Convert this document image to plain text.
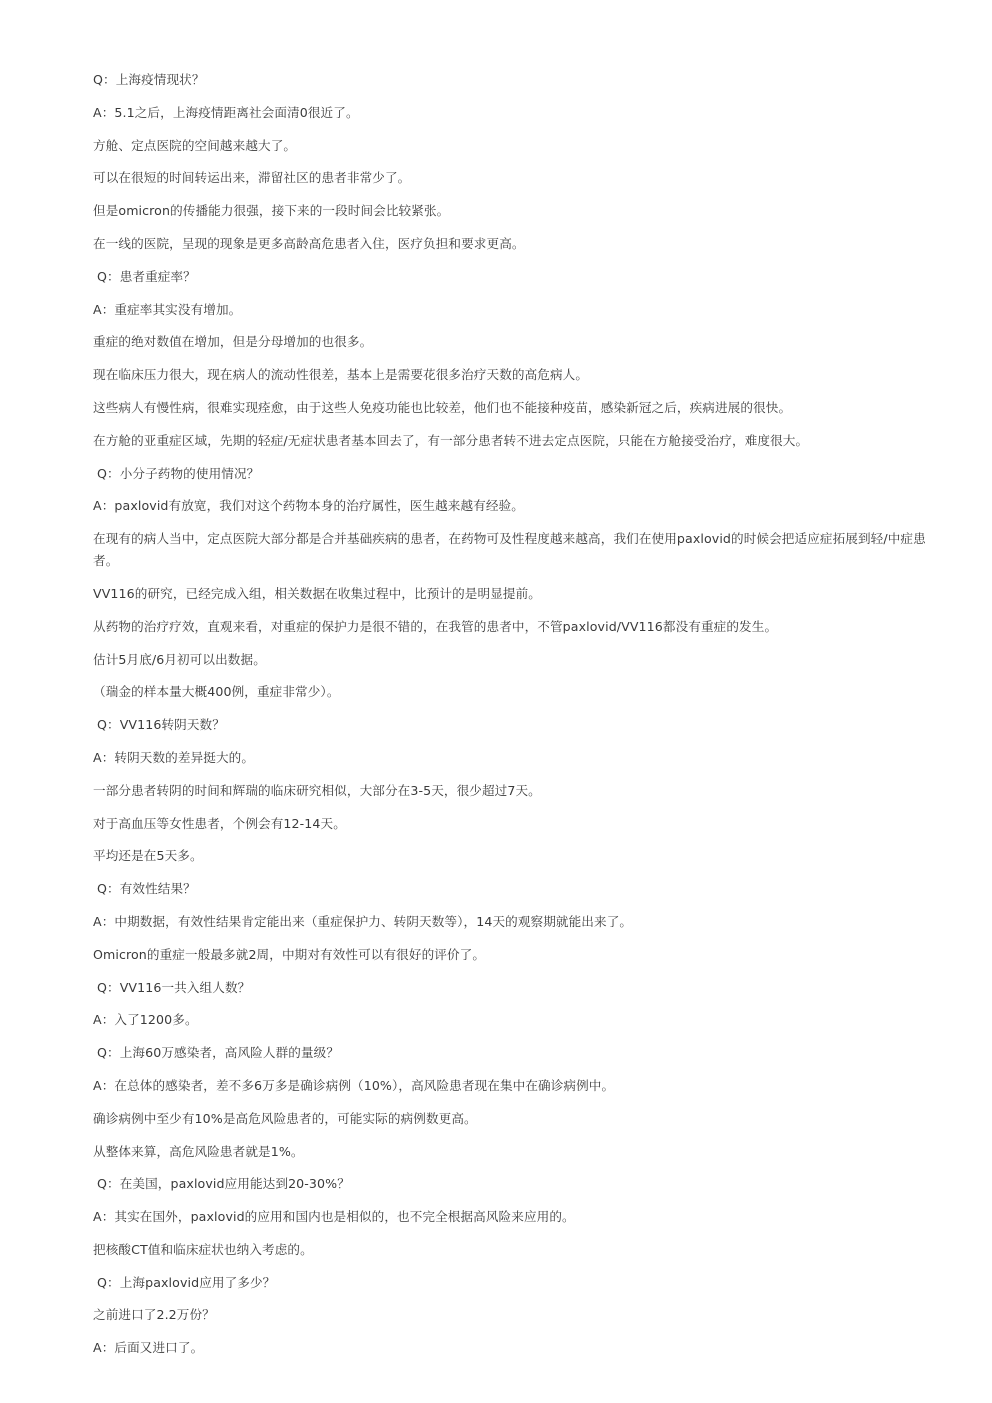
Q：上海疫情现状？
A：5.1之后，上海疫情距离社会面清0很近了。
方舱、定点医院的空间越来越大了。
可以在很短的时间转运出来，滞留社区的患者非常少了。
但是omicron的传播能力很强，接下来的一段时间会比较紧张。
在一线的医院，呈现的现象是更多高龄高危患者入住，医疗负担和要求更高。
Q：患者重症率？
A：重症率其实没有增加。
重症的绝对数值在增加，但是分母增加的也很多。
现在临床压力很大，现在病人的流动性很差，基本上是需要花很多治疗天数的高危病人。
这些病人有慢性病，很难实现痊愈，由于这些人免疫功能也比较差，他们也不能接种疫苗，感染新冠之后，疾病进展的很快。
在方舱的亚重症区域，先期的轻症/无症状患者基本回去了，有一部分患者转不进去定点医院，只能在方舱接受治疗，难度很大。
Q：小分子药物的使用情况？
A：paxlovid有放宽，我们对这个药物本身的治疗属性，医生越来越有经验。
在现有的病人当中，定点医院大部分都是合并基础疾病的患者，在药物可及性程度越来越高，我们在使用paxlovid的时候会把适应症拓展到轻/中症患者。
VV116的研究，已经完成入组，相关数据在收集过程中，比预计的是明显提前。
从药物的治疗疗效，直观来看，对重症的保护力是很不错的，在我管的患者中，不管paxlovid/VV116都没有重症的发生。
估计5月底/6月初可以出数据。
（瑞金的样本量大概400例，重症非常少）。
Q：VV116转阴天数？
A：转阴天数的差异挺大的。
一部分患者转阴的时间和辉瑞的临床研究相似，大部分在3-5天，很少超过7天。
对于高血压等女性患者，个例会有12-14天。
平均还是在5天多。
Q：有效性结果？
A：中期数据，有效性结果肯定能出来（重症保护力、转阴天数等），14天的观察期就能出来了。
Omicron的重症一般最多就2周，中期对有效性可以有很好的评价了。
Q：VV116一共入组人数？
A：入了1200多。
Q：上海60万感染者，高风险人群的量级？
A：在总体的感染者，差不多6万多是确诊病例（10%），高风险患者现在集中在确诊病例中。
确诊病例中至少有10%是高危风险患者的，可能实际的病例数更高。
从整体来算，高危风险患者就是1%。
Q：在美国，paxlovid应用能达到20-30%？
A：其实在国外，paxlovid的应用和国内也是相似的，也不完全根据高风险来应用的。
把核酸CT值和临床症状也纳入考虑的。
Q：上海paxlovid应用了多少？
之前进口了2.2万份？
A：后面又进口了。
